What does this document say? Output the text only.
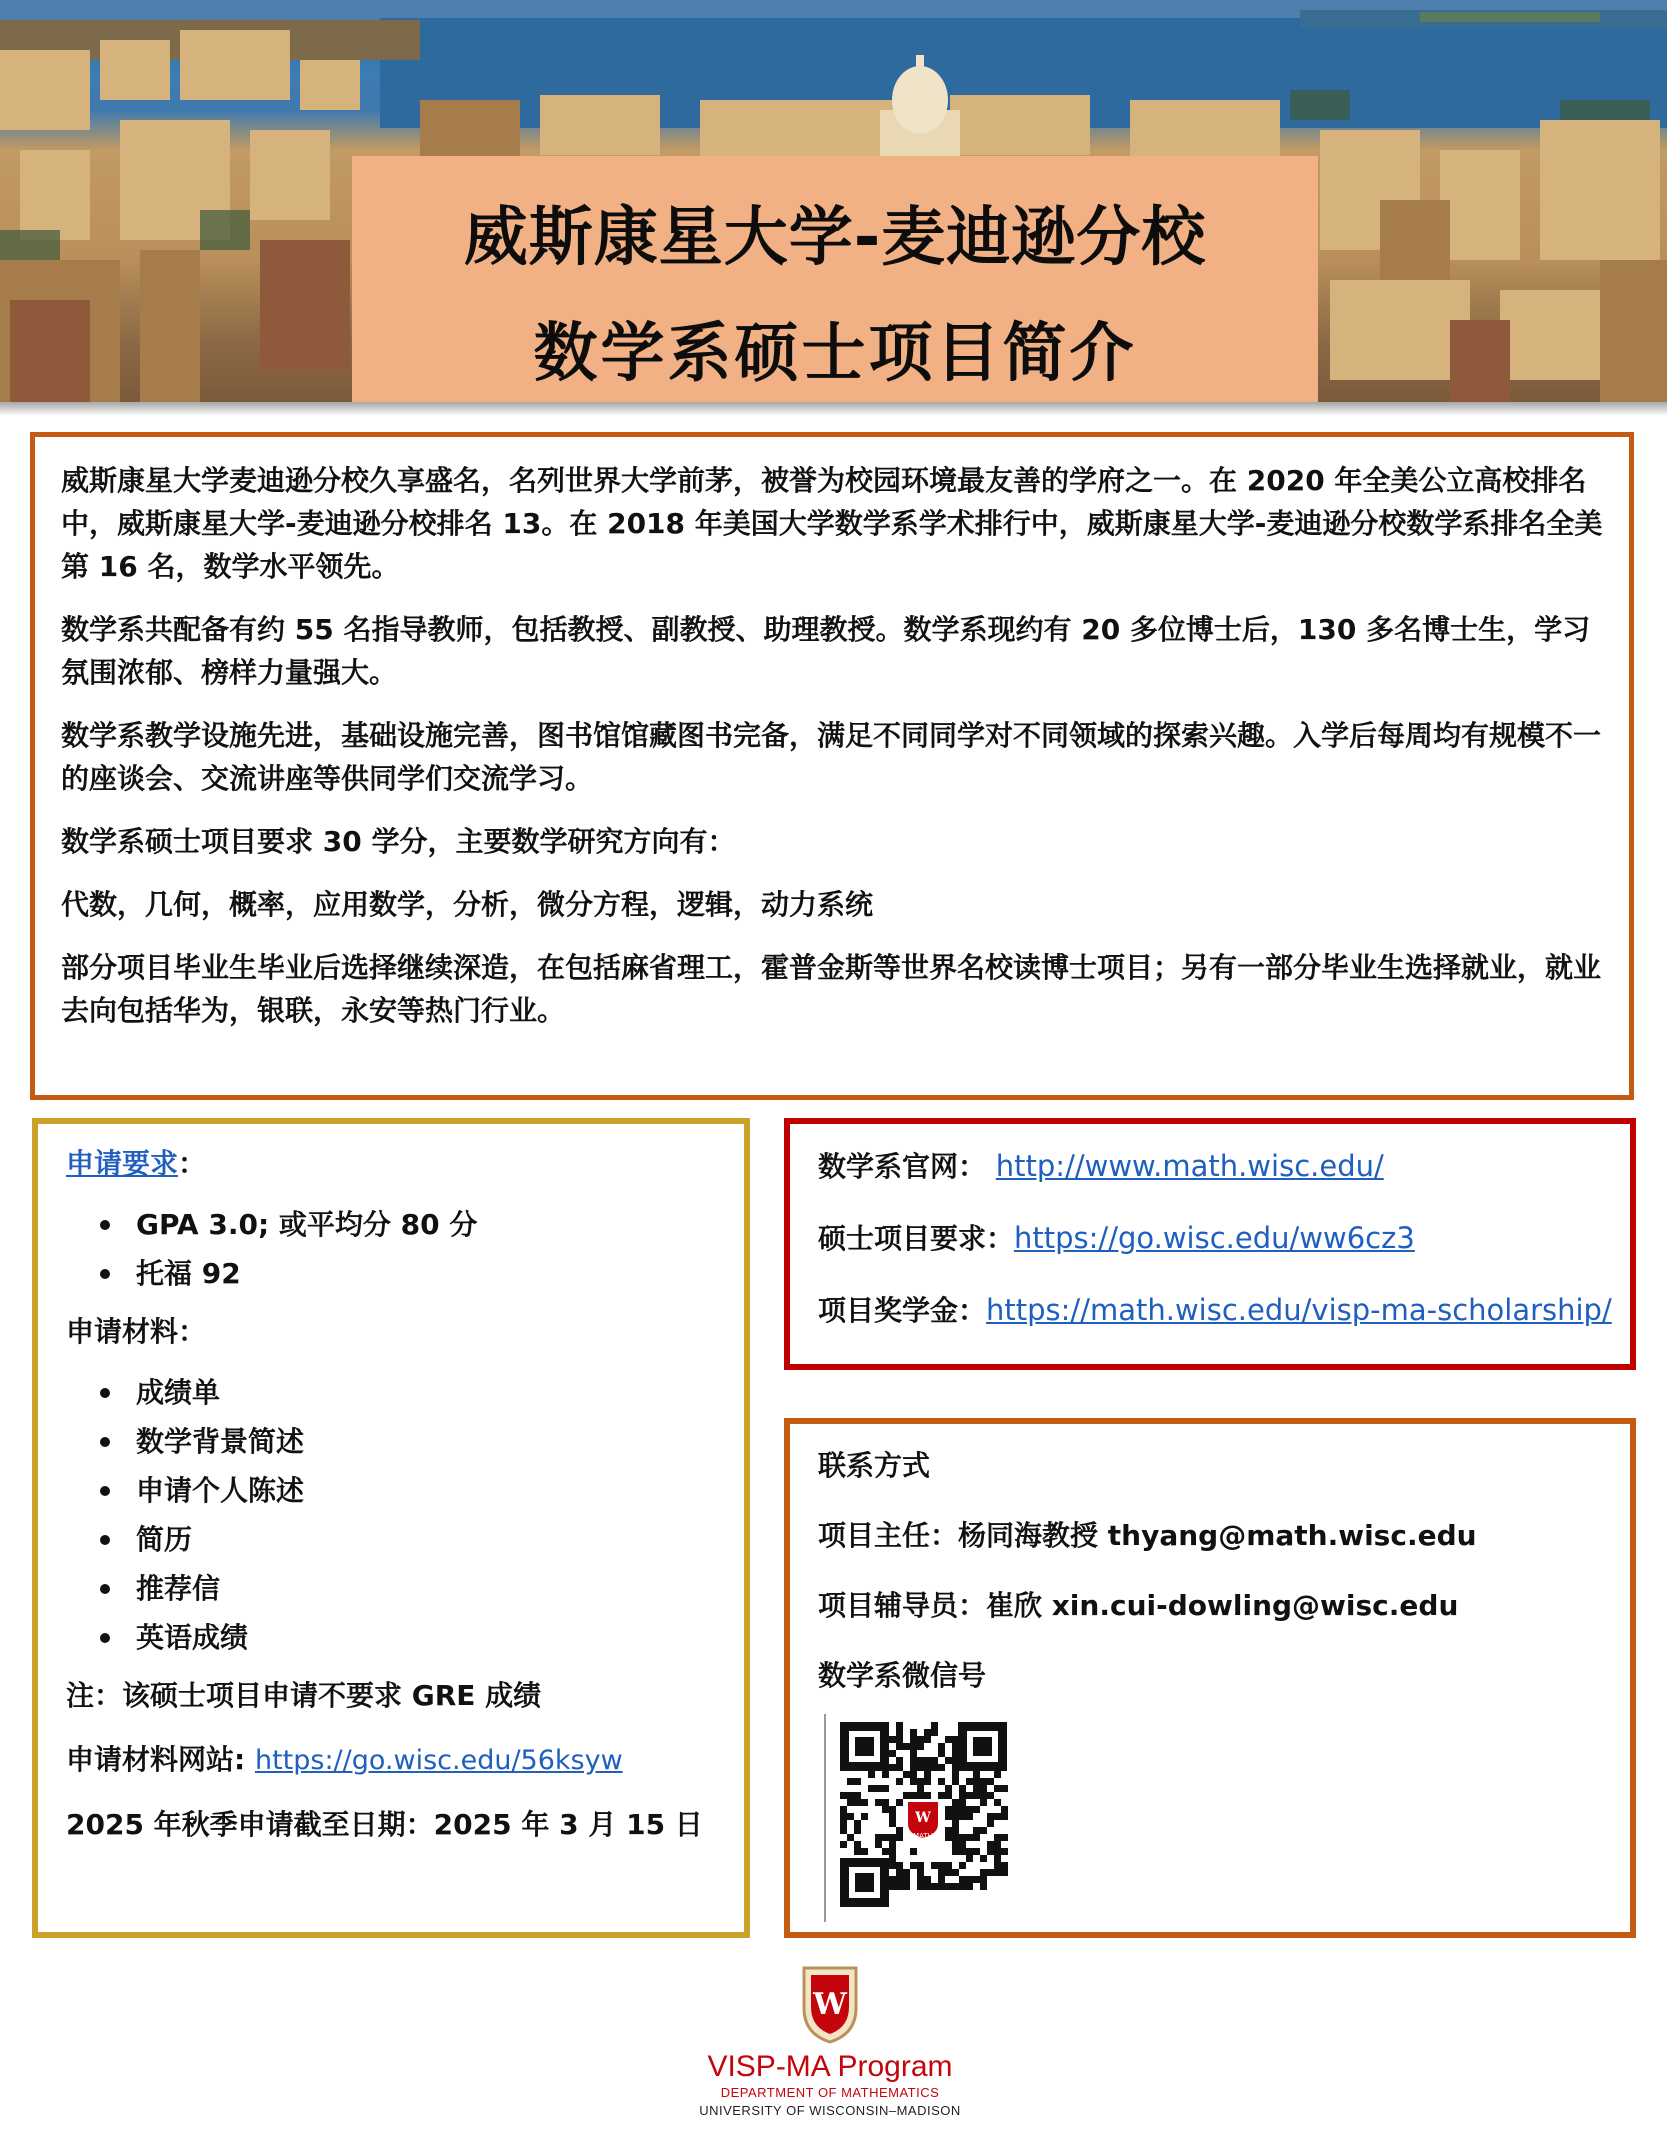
威斯康星大学-麦迪逊分校
数学系硕士项目简介

威斯康星大学麦迪逊分校久享盛名，名列世界大学前茅，被誉为校园环境最友善的学府之一。在 2020 年全美公立高校排名中，威斯康星大学-麦迪逊分校排名 13。在 2018 年美国大学数学系学术排行中，威斯康星大学-麦迪逊分校数学系排名全美 第 16 名，数学水平领先。

数学系共配备有约 55 名指导教师，包括教授、副教授、助理教授。数学系现约有 20 多位博士后，130 多名博士生，学习氛围浓郁、榜样力量强大。

数学系教学设施先进，基础设施完善，图书馆馆藏图书完备，满足不同同学对不同领域的探索兴趣。入学后每周均有规模不一的座谈会、交流讲座等供同学们交流学习。

数学系硕士项目要求 30 学分，主要数学研究方向有：

代数，几何，概率，应用数学，分析，微分方程，逻辑，动力系统

部分项目毕业生毕业后选择继续深造，在包括麻省理工，霍普金斯等世界名校读博士项目；另有一部分毕业生选择就业，就业去向包括华为，银联，永安等热门行业。

申请要求：
GPA 3.0; 或平均分 80 分
托福 92
申请材料：
成绩单
数学背景简述
申请个人陈述
简历
推荐信
英语成绩
注：该硕士项目申请不要求 GRE 成绩
申请材料网站: https://go.wisc.edu/56ksyw
2025 年秋季申请截至日期：2025 年 3 月 15 日
数学系官网： http://www.math.wisc.edu/
硕士项目要求：https://go.wisc.edu/ww6cz3
项目奖学金：https://math.wisc.edu/visp-ma-scholarship/
联系方式
项目主任：杨同海教授 thyang@math.wisc.edu
项目辅导员：崔欣 xin.cui-dowling@wisc.edu
数学系微信号
W
MATH
W
VISP-MA Program
DEPARTMENT OF MATHEMATICS
UNIVERSITY OF WISCONSIN–MADISON
